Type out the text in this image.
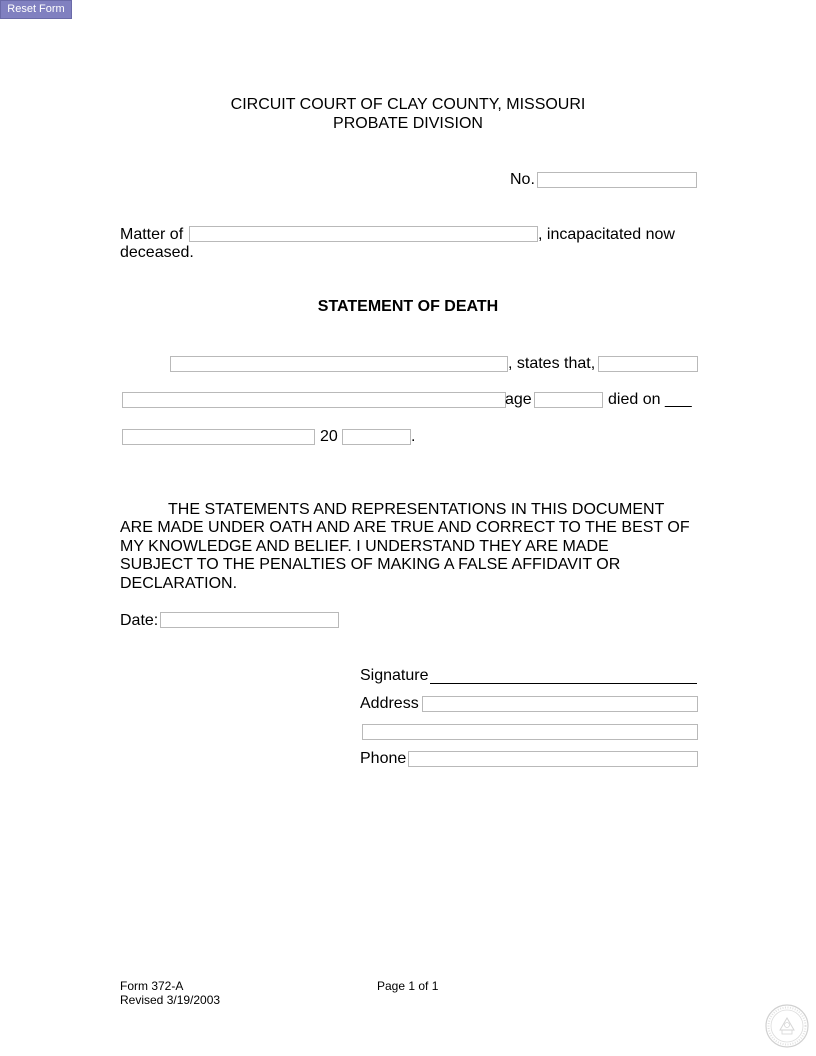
Reset Form
CIRCUIT COURT OF CLAY COUNTY, MISSOURI
PROBATE DIVISION
No.
Matter of	, incapacitated now
deceased.
STATEMENT OF DEATH
, states that,
age	died on ___
20	.
THE STATEMENTS AND REPRESENTATIONS IN THIS DOCUMENT
ARE MADE UNDER OATH AND ARE TRUE AND CORRECT TO THE BEST OF
MY KNOWLEDGE AND BELIEF. I UNDERSTAND THEY ARE MADE
SUBJECT TO THE PENALTIES OF MAKING A FALSE AFFIDAVIT OR
DECLARATION.
Date:
Signature
Address
Phone
Form 372-A
Revised 3/19/2003
Page 1 of 1
